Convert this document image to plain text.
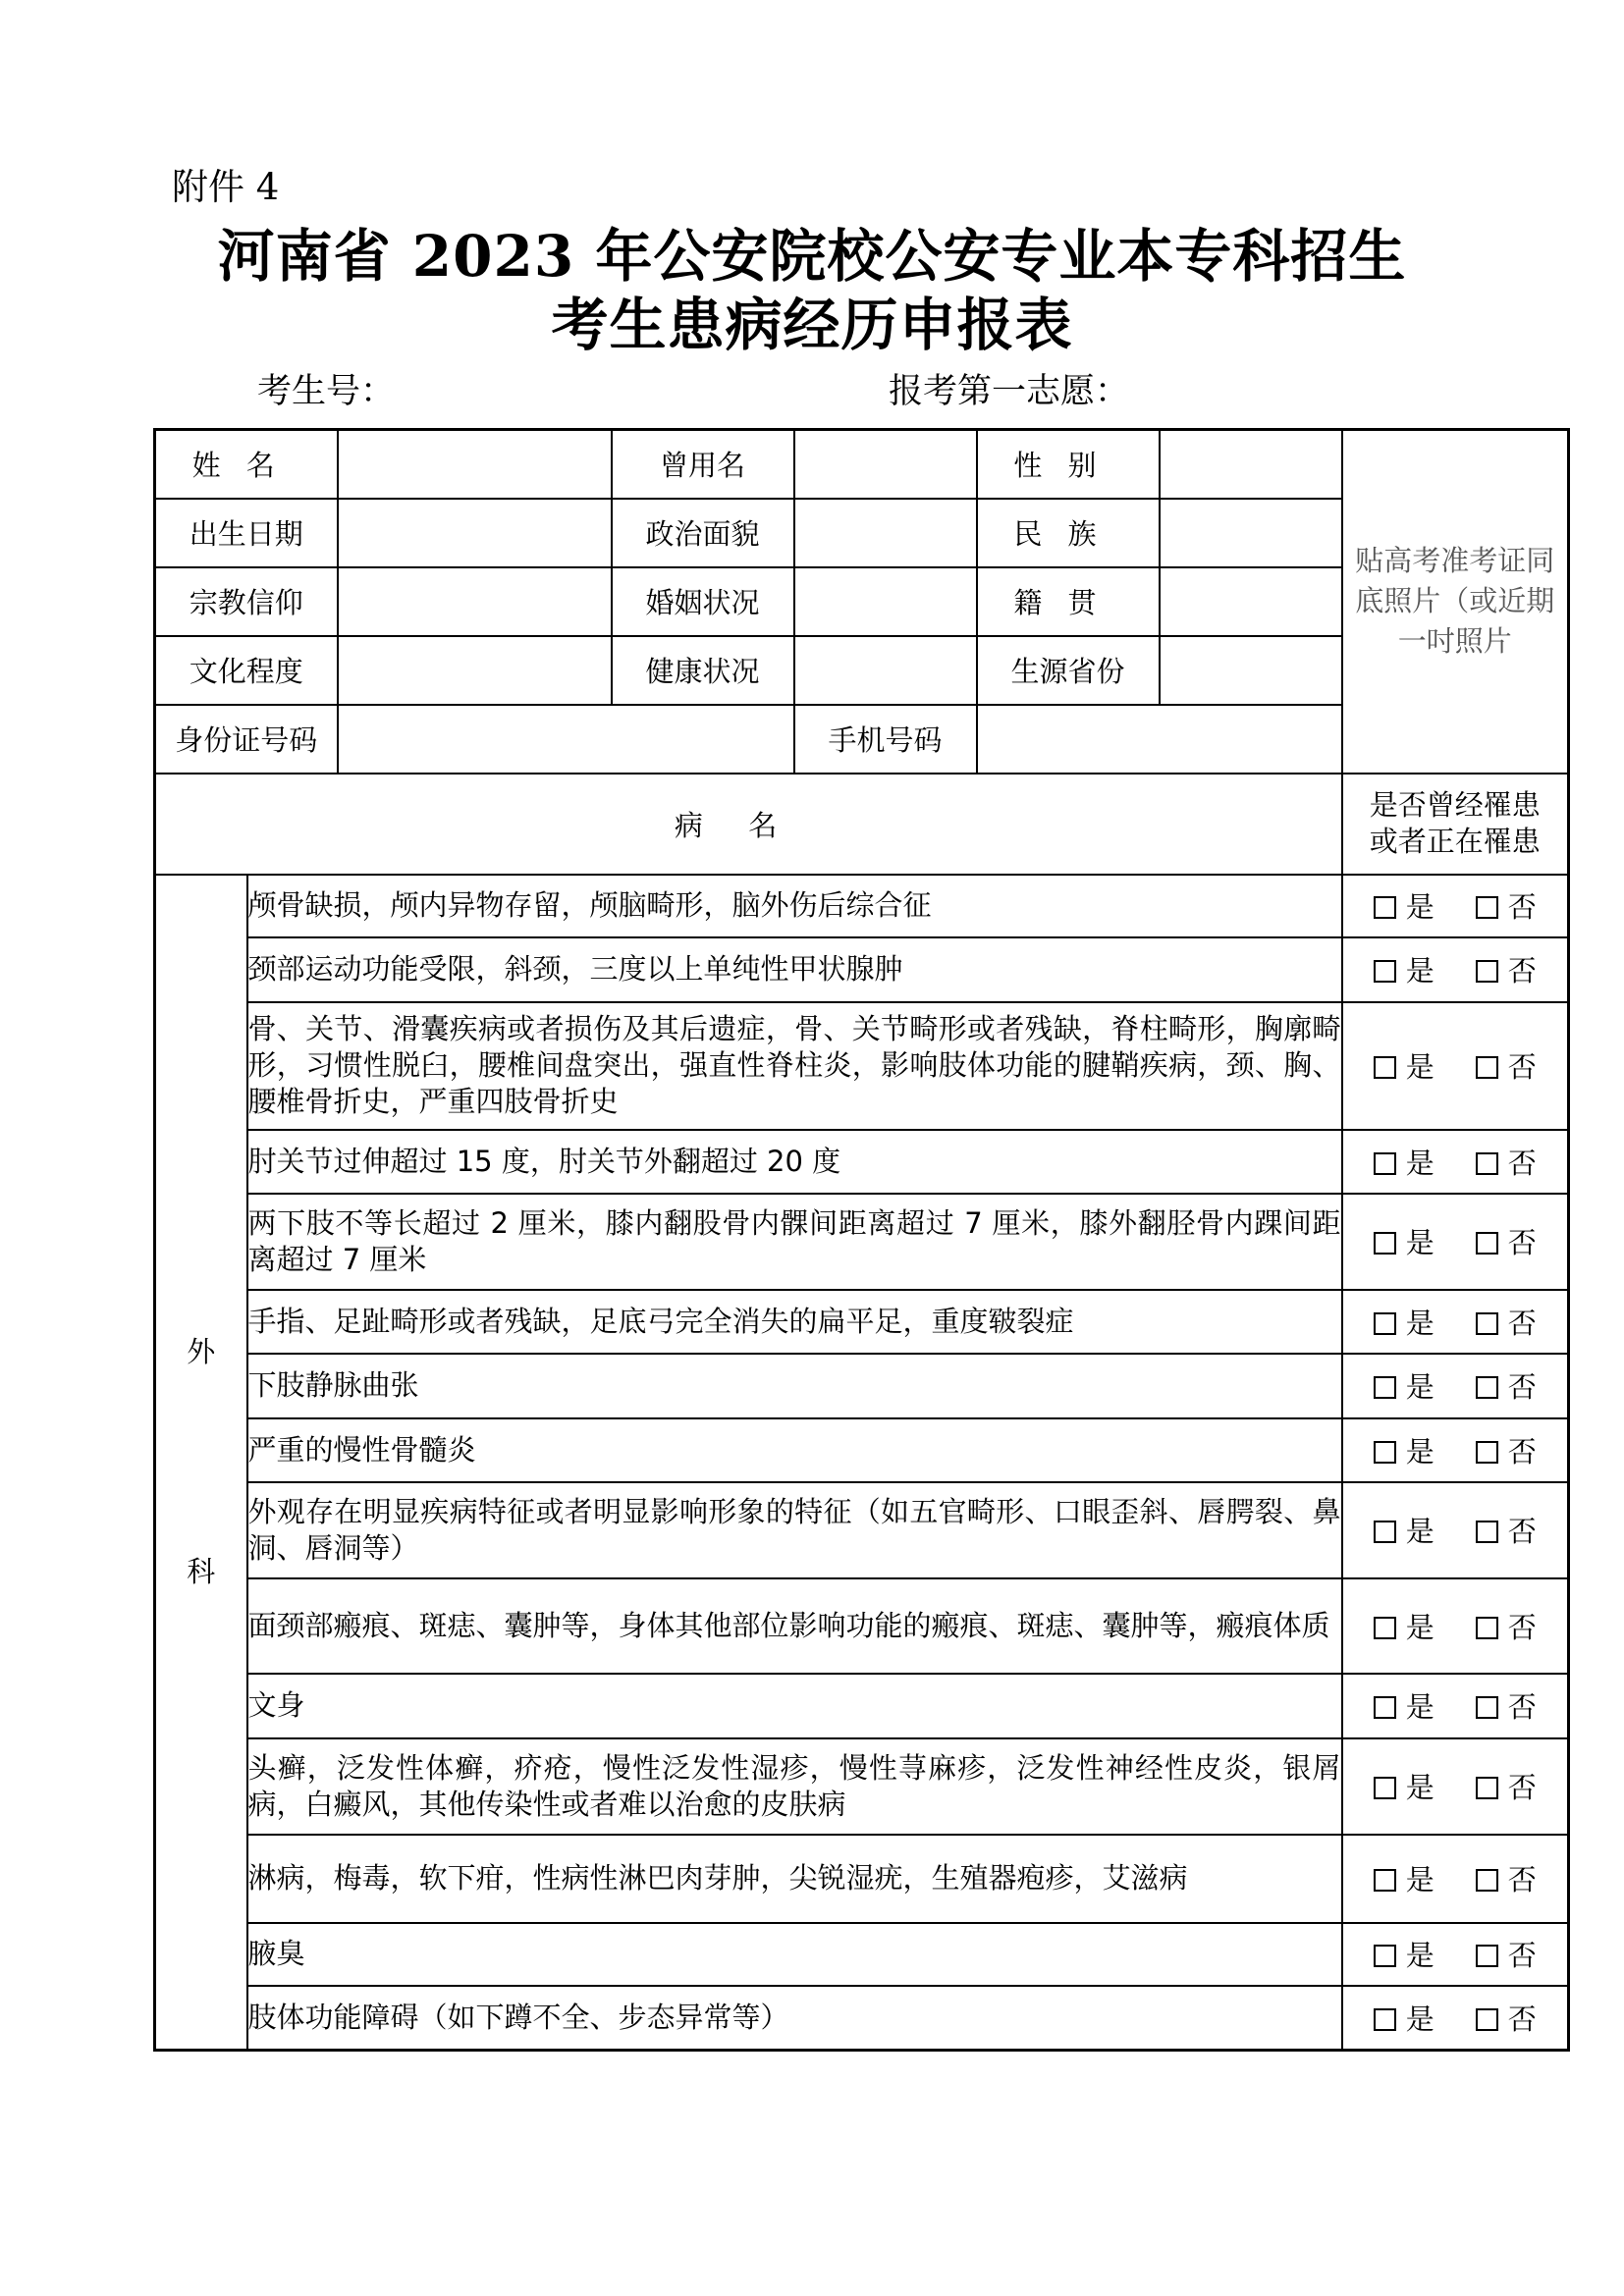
附件 4
河南省 2023 年公安院校公安专业本专科招生
考生患病经历申报表
考生号：	报考第一志愿：
姓名			曾用名		性别		贴高考准考证同底照片（或近期一吋照片
出生日期			政治面貌		民族		
宗教信仰			婚姻状况		籍贯		
文化程度			健康状况		生源省份		
身份证号码				手机号码			
病名							是否曾经罹患
或者正在罹患

外
科	颅骨缺损，颅内异物存留，颅脑畸形，脑外伤后综合征						是 否
	颈部运动功能受限，斜颈，三度以上单纯性甲状腺肿						是 否
	骨、关节、滑囊疾病或者损伤及其后遗症，骨、关节畸形或者残缺，脊柱畸形，胸廓畸形，习惯性脱臼，腰椎间盘突出，强直性脊柱炎，影响肢体功能的腱鞘疾病，颈、胸、腰椎骨折史，严重四肢骨折史						是 否
	肘关节过伸超过 15 度，肘关节外翻超过 20 度						是 否
	两下肢不等长超过 2 厘米，膝内翻股骨内髁间距离超过 7 厘米，膝外翻胫骨内踝间距离超过 7 厘米						是 否
	手指、足趾畸形或者残缺，足底弓完全消失的扁平足，重度皲裂症						是 否
	下肢静脉曲张						是 否
	严重的慢性骨髓炎						是 否
	外观存在明显疾病特征或者明显影响形象的特征（如五官畸形、口眼歪斜、唇腭裂、鼻洞、唇洞等）						是 否
	面颈部瘢痕、斑痣、囊肿等，身体其他部位影响功能的瘢痕、斑痣、囊肿等，瘢痕体质						是 否
	文身						是 否
	头癣，泛发性体癣，疥疮，慢性泛发性湿疹，慢性荨麻疹，泛发性神经性皮炎，银屑病，白癜风，其他传染性或者难以治愈的皮肤病						是 否
	淋病，梅毒，软下疳，性病性淋巴肉芽肿，尖锐湿疣，生殖器疱疹，艾滋病						是 否
	腋臭						是 否
	肢体功能障碍（如下蹲不全、步态异常等）						是 否
